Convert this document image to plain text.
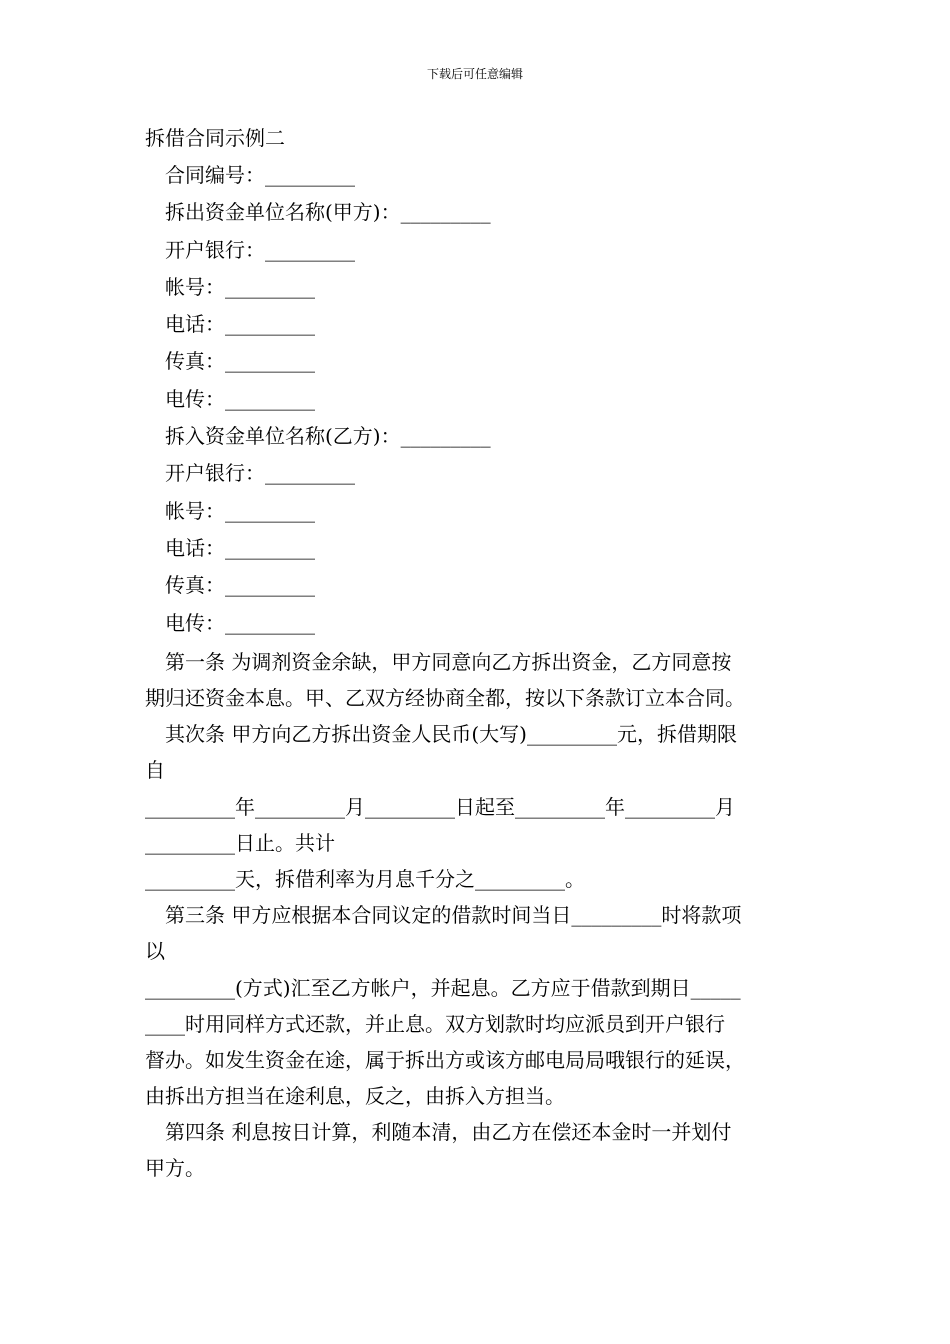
下载后可任意编辑
拆借合同示例二
合同编号：_________
拆出资金单位名称(甲方)：_________
开户银行：_________
帐号：_________
电话：_________
传真：_________
电传：_________
拆入资金单位名称(乙方)：_________
开户银行：_________
帐号：_________
电话：_________
传真：_________
电传：_________
第一条 为调剂资金余缺，甲方同意向乙方拆出资金，乙方同意按
期归还资金本息。甲、乙双方经协商全都，按以下条款订立本合同。
其次条 甲方向乙方拆出资金人民币(大写)_________元，拆借期限
自
_________年_________月_________日起至_________年_________月
_________日止。共计
_________天，拆借利率为月息千分之_________。
第三条 甲方应根据本合同议定的借款时间当日_________时将款项
以
_________(方式)汇至乙方帐户，并起息。乙方应于借款到期日_____
____时用同样方式还款，并止息。双方划款时均应派员到开户银行
督办。如发生资金在途，属于拆出方或该方邮电局局哦银行的延误，
由拆出方担当在途利息，反之，由拆入方担当。
第四条 利息按日计算，利随本清，由乙方在偿还本金时一并划付
甲方。
